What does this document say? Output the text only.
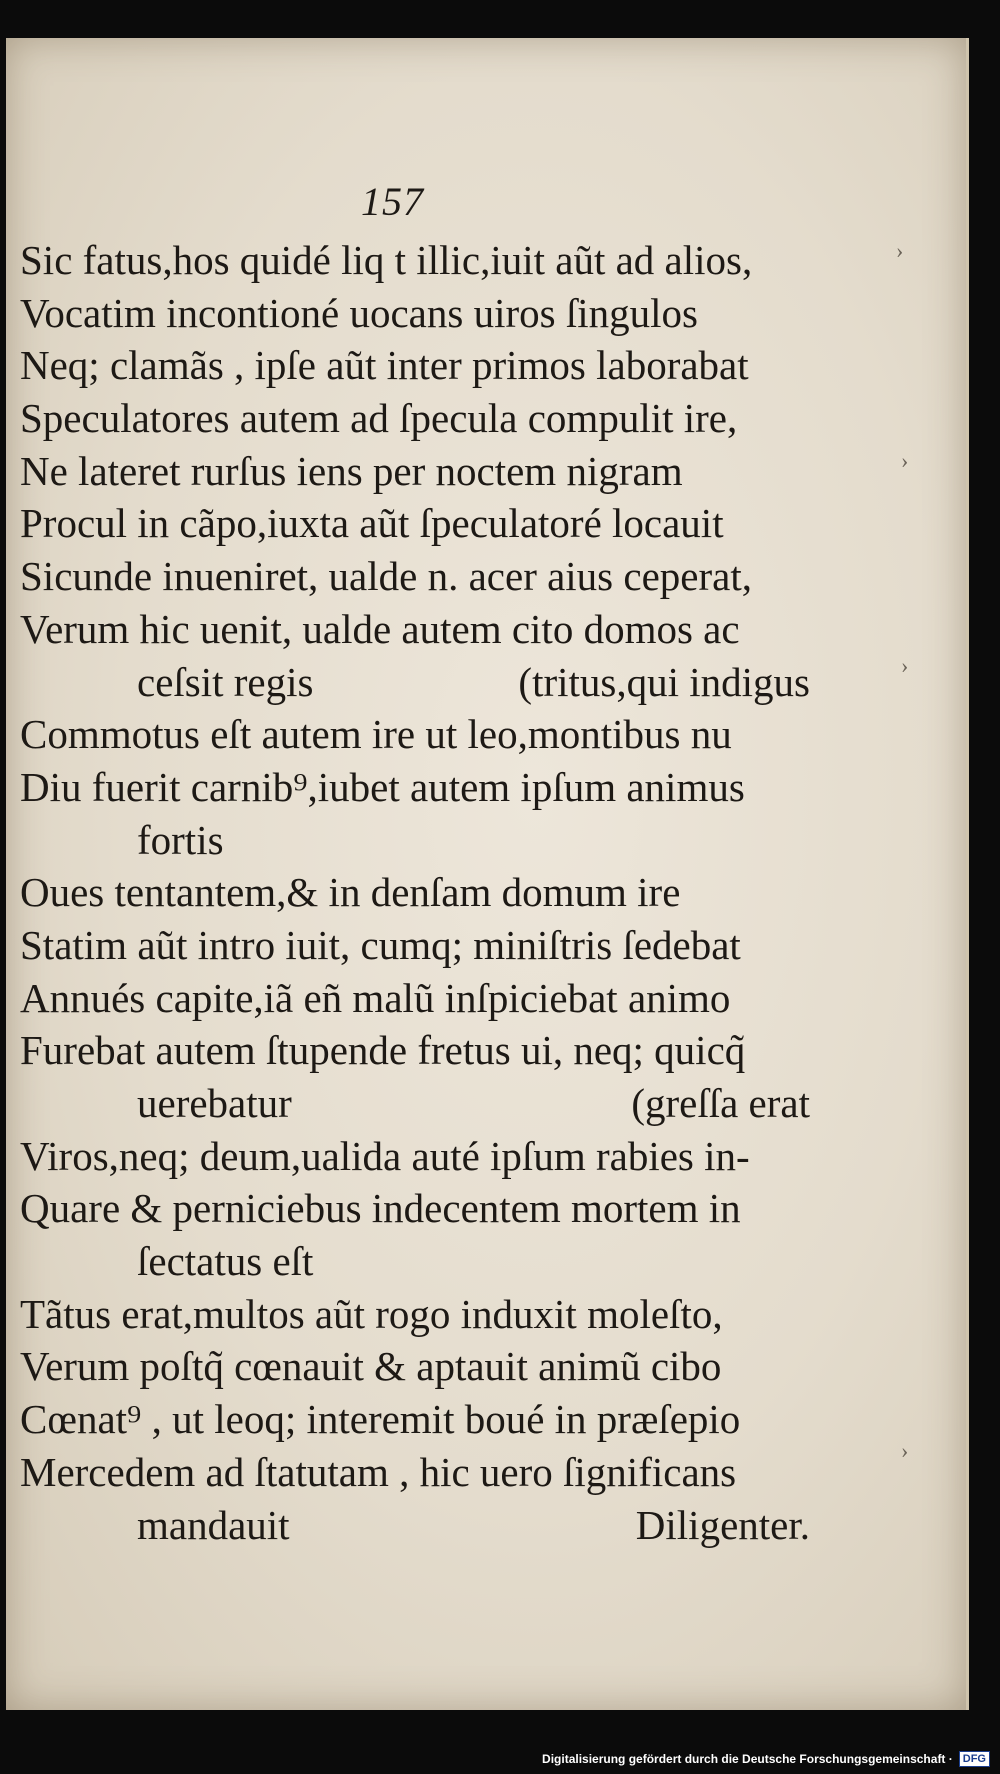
157
Sic fatus,hos quidé liq t illic,iuit aũt ad alios,
Vocatim incontioné uocans uiros ſingulos
Neq; clamãs , ipſe aũt inter primos laborabat
Speculatores autem ad ſpecula compulit ire,
Ne lateret rurſus iens per noctem nigram
Procul in cãpo,iuxta aũt ſpeculatoré locauit
Sicunde inueniret, ualde n. acer aius ceperat,
Verum hic uenit, ualde autem cito domos ac
ceſsit regis	(tritus,qui indigus
Commotus eſt autem ire ut leo,montibus nu
Diu fuerit carnib⁹,iubet autem ipſum animus
fortis
Oues tentantem,& in denſam domum ire
Statim aũt intro iuit, cumq; miniſtris ſedebat
Annués capite,iã eñ malũ inſpiciebat animo
Furebat autem ſtupende fretus ui, neq; quicq̃
uerebatur	(greſſa erat
Viros,neq; deum,ualida auté ipſum rabies in-
Quare & perniciebus indecentem mortem in
ſectatus eſt
Tãtus erat,multos aũt rogo induxit moleſto,
Verum poſtq̃ cœnauit & aptauit animũ cibo
Cœnat⁹ , ut leoq; interemit boué in præſepio
Mercedem ad ſtatutam , hic uero ſignificans
mandauit	Diligenter.
›
›
›
›
Digitalisierung gefördert durch die Deutsche Forschungsgemeinschaft · DFG
